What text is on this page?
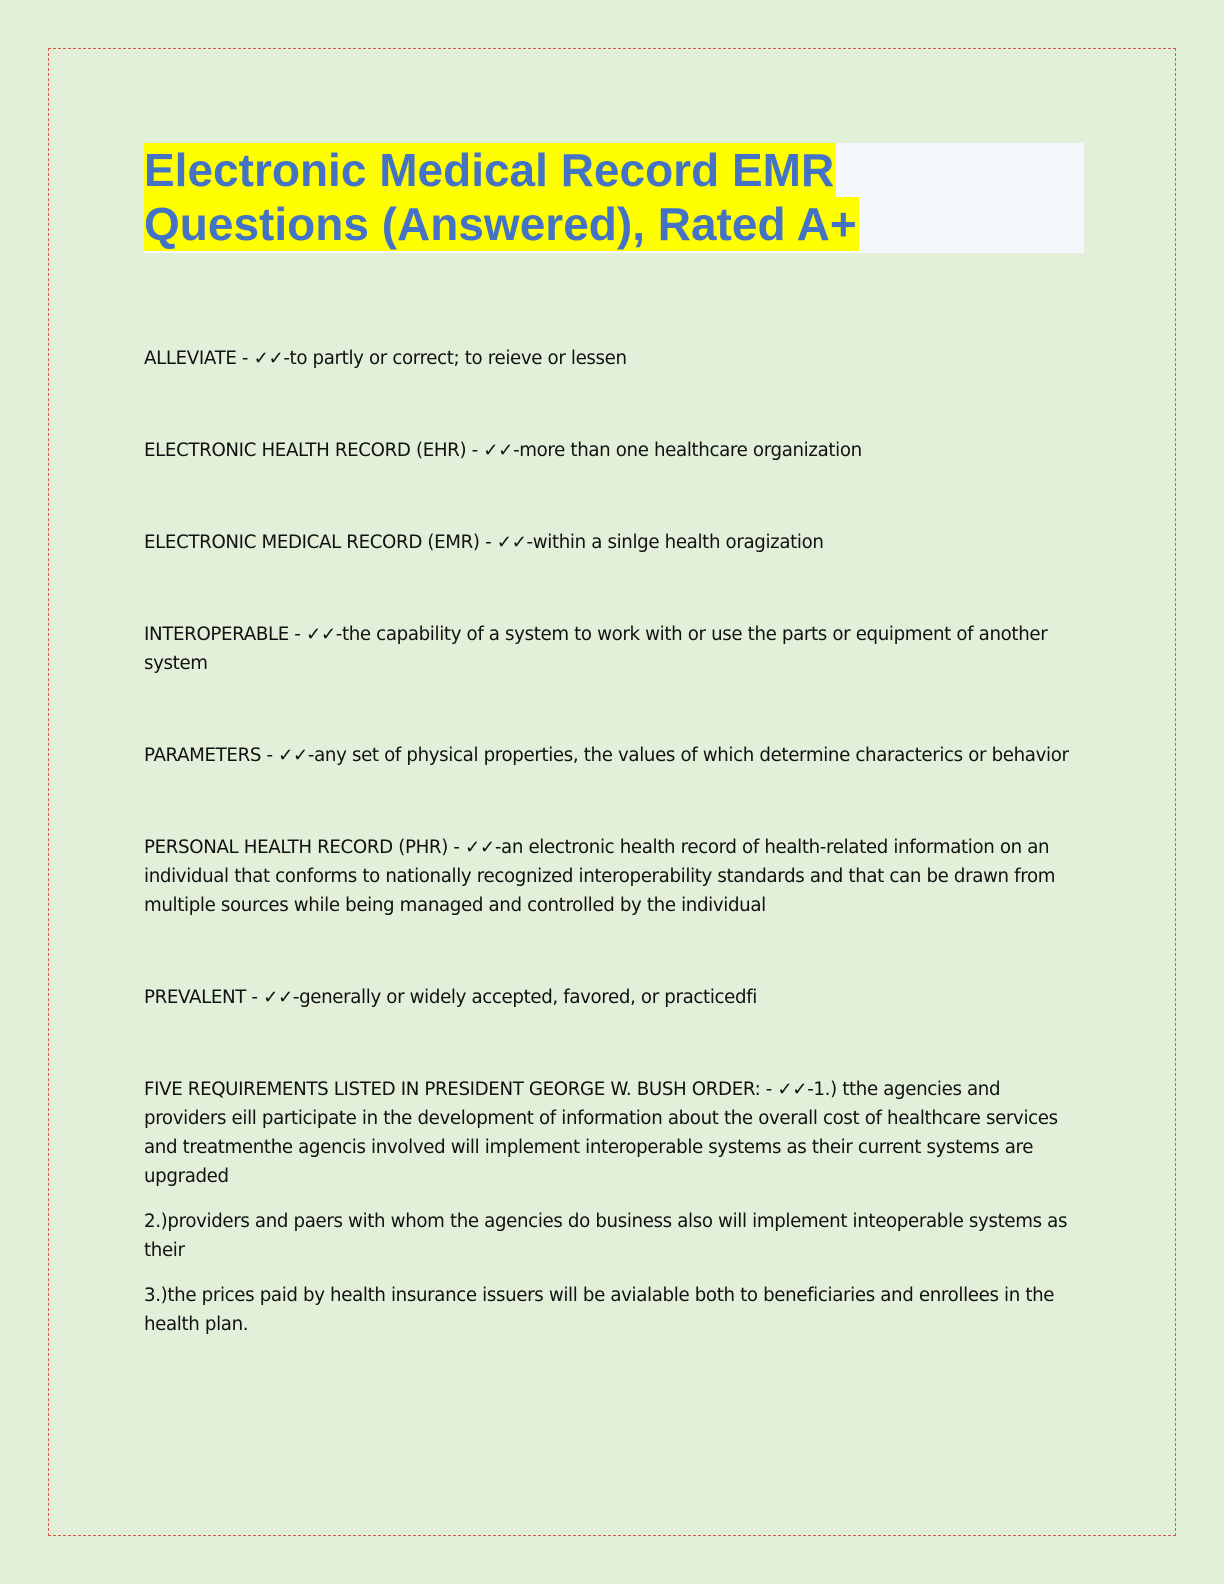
Electronic Medical Record EMR
Questions (Answered), Rated A+

ALLEVIATE - ✓✓-to partly or correct; to reieve or lessen

ELECTRONIC HEALTH RECORD (EHR) - ✓✓-more than one healthcare organization

ELECTRONIC MEDICAL RECORD (EMR) - ✓✓-within a sinlge health oragization

INTEROPERABLE - ✓✓-the capability of a system to work with or use the parts or equipment of another system

PARAMETERS - ✓✓-any set of physical properties, the values of which determine characterics or behavior

PERSONAL HEALTH RECORD (PHR) - ✓✓-an electronic health record of health-related information on an individual that conforms to nationally recognized interoperability standards and that can be drawn from multiple sources while being managed and controlled by the individual

PREVALENT - ✓✓-generally or widely accepted, favored, or practicedfi

FIVE REQUIREMENTS LISTED IN PRESIDENT GEORGE W. BUSH ORDER: - ✓✓-1.) tthe agencies and providers eill participate in the development of information about the overall cost of healthcare services and treatmenthe agencis involved will implement interoperable systems as their current systems are upgraded

2.)providers and paers with whom the agencies do business also will implement inteoperable systems as their

3.)the prices paid by health insurance issuers will be avialable both to beneficiaries and enrollees in the health plan.
